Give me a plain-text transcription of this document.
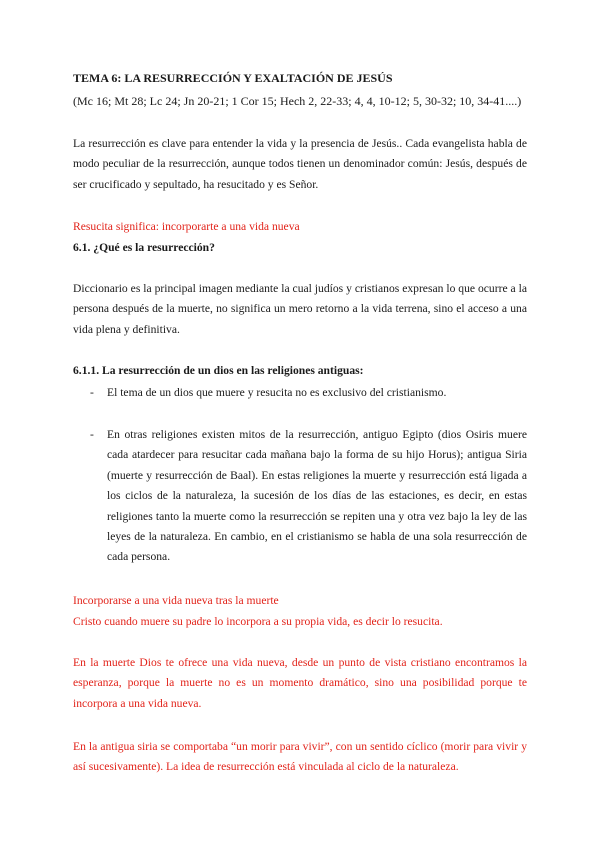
TEMA 6: LA RESURRECCIÓN Y EXALTACIÓN DE JESÚS
(Mc 16; Mt 28; Lc 24; Jn 20-21; 1 Cor 15; Hech 2, 22-33; 4, 4, 10-12; 5, 30-32; 10, 34-41....)
La resurrección es clave para entender la vida y la presencia de Jesús.. Cada evangelista habla de modo peculiar de la resurrección, aunque todos tienen un denominador común: Jesús, después de ser crucificado y sepultado, ha resucitado y es Señor.
Resucita significa: incorporarte a una vida nueva
6.1. ¿Qué es la resurrección?
Diccionario es la principal imagen mediante la cual judíos y cristianos expresan lo que ocurre a la persona después de la muerte, no significa un mero retorno a la vida terrena, sino el acceso a una vida plena y definitiva.
6.1.1. La resurrección de un dios en las religiones antiguas:
- El tema de un dios que muere y resucita no es exclusivo del cristianismo.
- En otras religiones existen mitos de la resurrección, antiguo Egipto (dios Osiris muere cada atardecer para resucitar cada mañana bajo la forma de su hijo Horus); antigua Siria (muerte y resurrección de Baal). En estas religiones la muerte y resurrección está ligada a los ciclos de la naturaleza, la sucesión de los días de las estaciones, es decir, en estas religiones tanto la muerte como la resurrección se repiten una y otra vez bajo la ley de las leyes de la naturaleza. En cambio, en el cristianismo se habla de una sola resurrección de cada persona.
Incorporarse a una vida nueva tras la muerte
Cristo cuando muere su padre lo incorpora a su propia vida, es decir lo resucita.
En la muerte Dios te ofrece una vida nueva, desde un punto de vista cristiano encontramos la esperanza, porque la muerte no es un momento dramático, sino una posibilidad porque te incorpora a una vida nueva.
En la antigua siria se comportaba “un morir para vivir”, con un sentido cíclico (morir para vivir y así sucesivamente). La idea de resurrección está vinculada al ciclo de la naturaleza.
